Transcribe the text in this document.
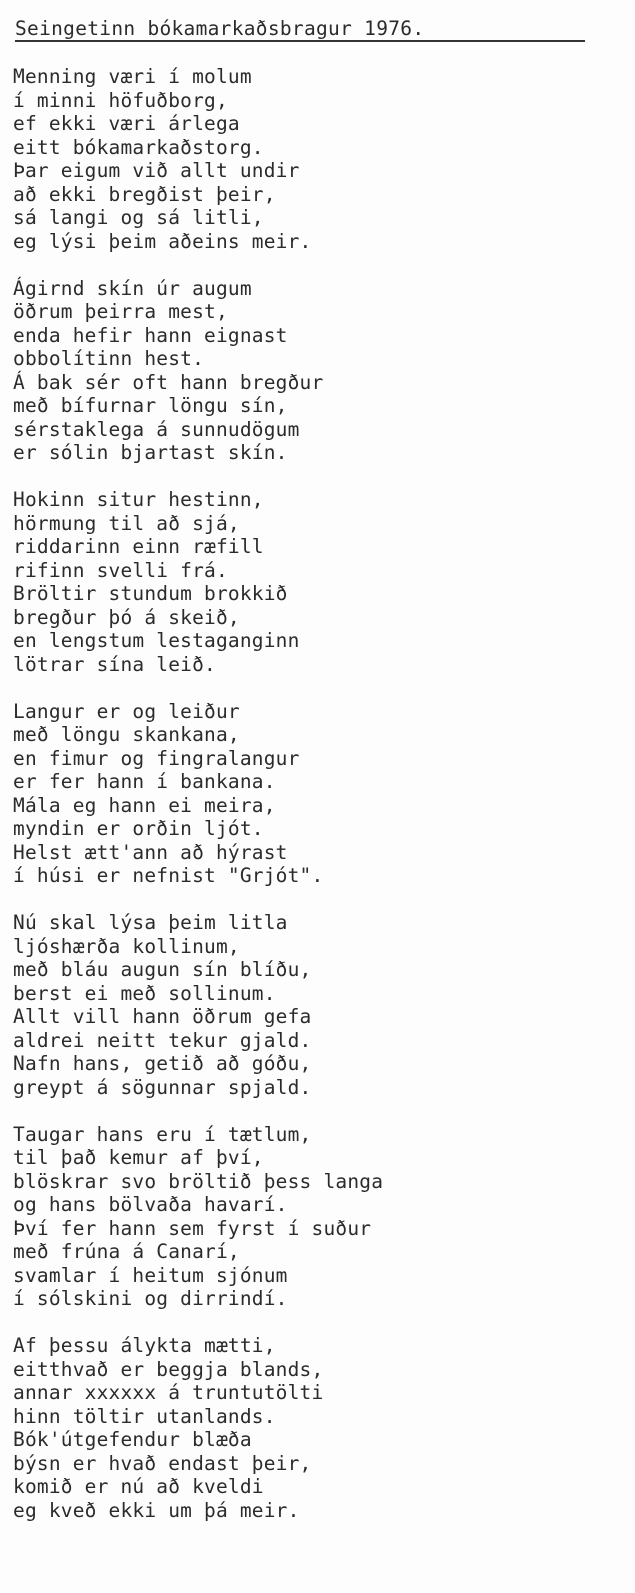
Seingetinn bókamarkaðsbragur 1976.
Menning væri í molum
í minni höfuðborg,
ef ekki væri árlega
eitt bókamarkaðstorg.
Þar eigum við allt undir
að ekki bregðist þeir,
sá langi og sá litli,
eg lýsi þeim aðeins meir.
Ágirnd skín úr augum
öðrum þeirra mest,
enda hefir hann eignast
obbolítinn hest.
Á bak sér oft hann bregður
með bífurnar löngu sín,
sérstaklega á sunnudögum
er sólin bjartast skín.
Hokinn situr hestinn,
hörmung til að sjá,
riddarinn einn ræfill
rifinn svelli frá.
Bröltir stundum brokkið
bregður þó á skeið,
en lengstum lestaganginn
lötrar sína leið.
Langur er og leiður
með löngu skankana,
en fimur og fingralangur
er fer hann í bankana.
Mála eg hann ei meira,
myndin er orðin ljót.
Helst ætt'ann að hýrast
í húsi er nefnist "Grjót".
Nú skal lýsa þeim litla
ljóshærða kollinum,
með bláu augun sín blíðu,
berst ei með sollinum.
Allt vill hann öðrum gefa
aldrei neitt tekur gjald.
Nafn hans, getið að góðu,
greypt á sögunnar spjald.
Taugar hans eru í tætlum,
til það kemur af því,
blöskrar svo bröltið þess langa
og hans bölvaða havarí.
Því fer hann sem fyrst í suður
með frúna á Canarí,
svamlar í heitum sjónum
í sólskini og dirrindí.
Af þessu álykta mætti,
eitthvað er beggja blands,
annar xxxxxx á truntutölti
hinn töltir utanlands.
Bók'útgefendur blæða
býsn er hvað endast þeir,
komið er nú að kveldi
eg kveð ekki um þá meir.
